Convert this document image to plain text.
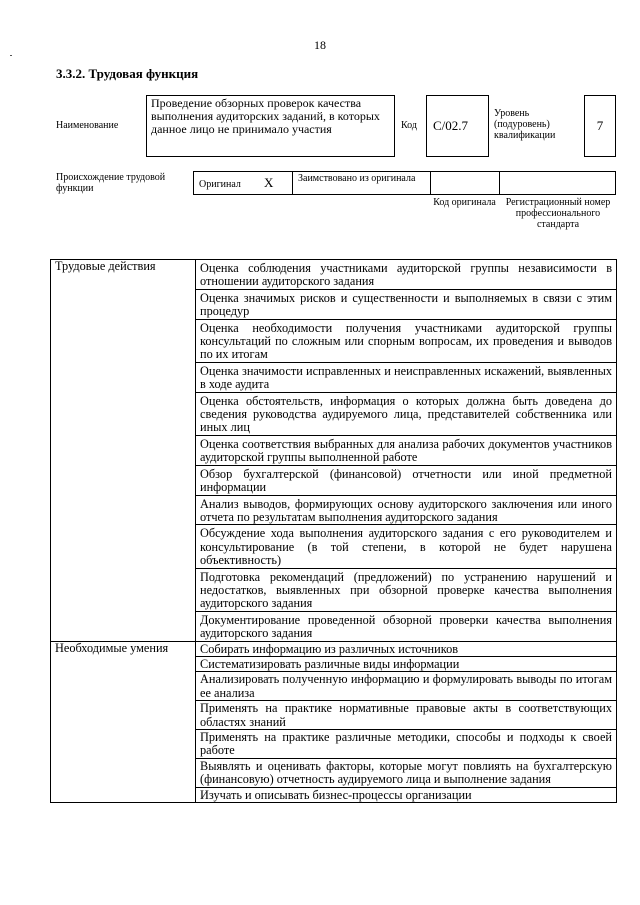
18
3.3.2. Трудовая функция
Наименование
Проведение обзорных проверок качества выполнения аудиторских заданий, в которых данное лицо не принимало участия	Код	C/02.7
Уровень (подуровень) квалификации
7
Происхождение трудовой функции	Оригинал X Заимствовано из оригинала
Код оригинала Регистрационный номер профессионального стандарта
Трудовые действия	Оценка соблюдения участниками аудиторской группы независимости в отношении аудиторского задания
	Оценка значимых рисков и существенности и выполняемых в связи с этим процедур
	Оценка необходимости получения участниками аудиторской группы консультаций по сложным или спорным вопросам, их проведения и выводов по их итогам
	Оценка значимости исправленных и неисправленных искажений, выявленных в ходе аудита
	Оценка обстоятельств, информация о которых должна быть доведена до сведения руководства аудируемого лица, представителей собственника или иных лиц
	Оценка соответствия выбранных для анализа рабочих документов участников аудиторской группы выполненной работе
	Обзор бухгалтерской (финансовой) отчетности или иной предметной информации
	Анализ выводов, формирующих основу аудиторского заключения или иного отчета по результатам выполнения аудиторского задания
	Обсуждение хода выполнения аудиторского задания с его руководителем и консультирование (в той степени, в которой не будет нарушена объективность)
	Подготовка рекомендаций (предложений) по устранению нарушений и недостатков, выявленных при обзорной проверке качества выполнения аудиторского задания
	Документирование проведенной обзорной проверки качества выполнения аудиторского задания
Необходимые умения	Собирать информацию из различных источников
	Систематизировать различные виды информации
	Анализировать полученную информацию и формулировать выводы по итогам ее анализа
	Применять на практике нормативные правовые акты в соответствующих областях знаний
	Применять на практике различные методики, способы и подходы к своей работе
	Выявлять и оценивать факторы, которые могут повлиять на бухгалтерскую (финансовую) отчетность аудируемого лица и выполнение задания
	Изучать и описывать бизнес-процессы организации
